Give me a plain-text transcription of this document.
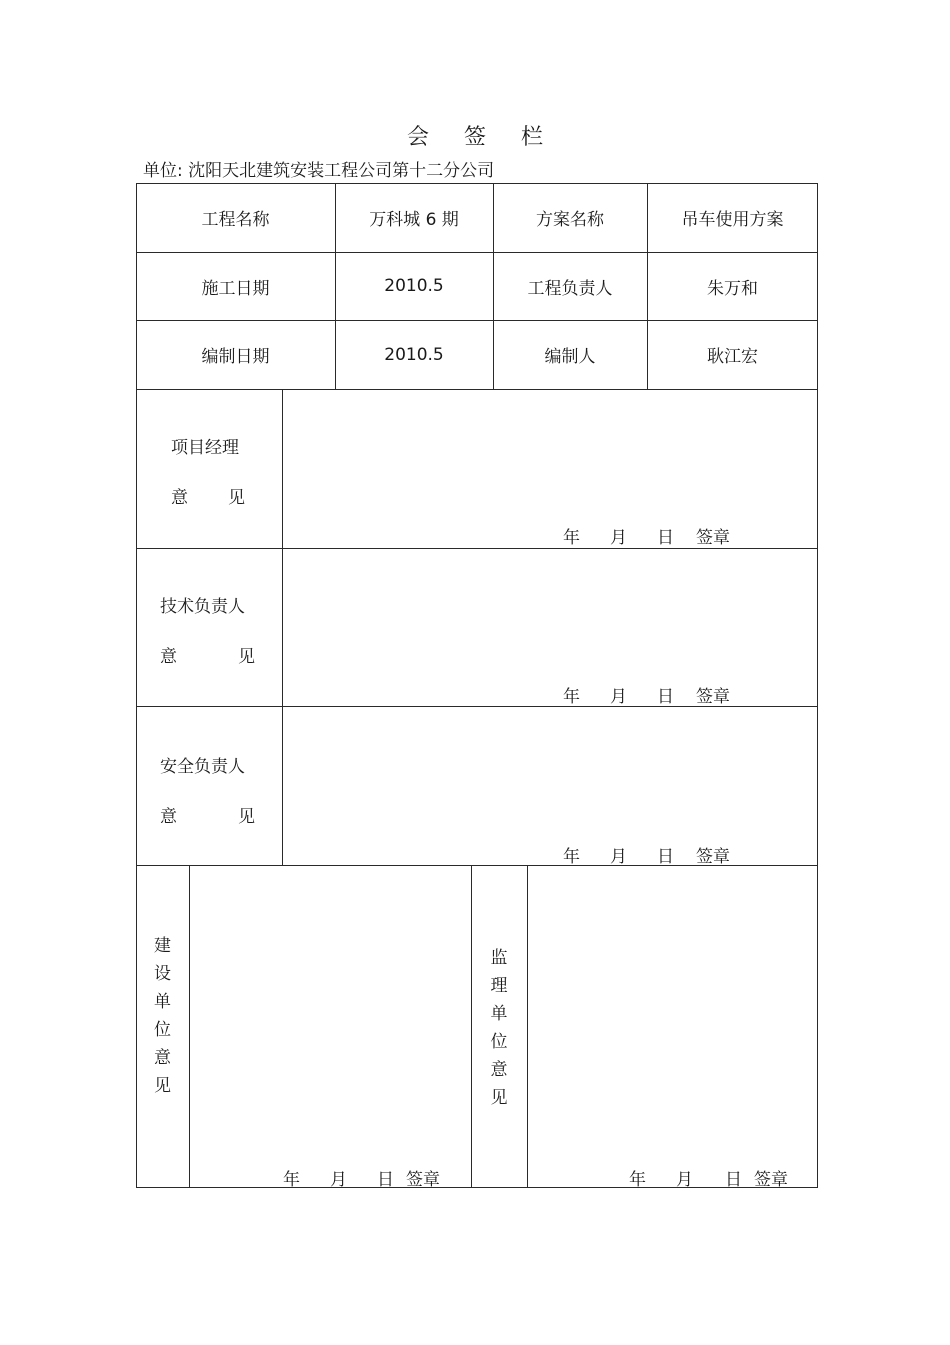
会 签 栏
单位: 沈阳天北建筑安装工程公司第十二分公司
工程名称	万科城 6 期	方案名称	吊车使用方案
施工日期	2010.5	工程负责人	朱万和
编制日期	2010.5	编制人	耿江宏
项目经理
意 见
年	月	日	签章
技术负责人
意	见
年	月	日	签章
安全负责人
意	见
年	月	日	签章
建
设
单
位
意
见
年	月	日 签章
监
理
单
位
意
见
年	月	日 签章
